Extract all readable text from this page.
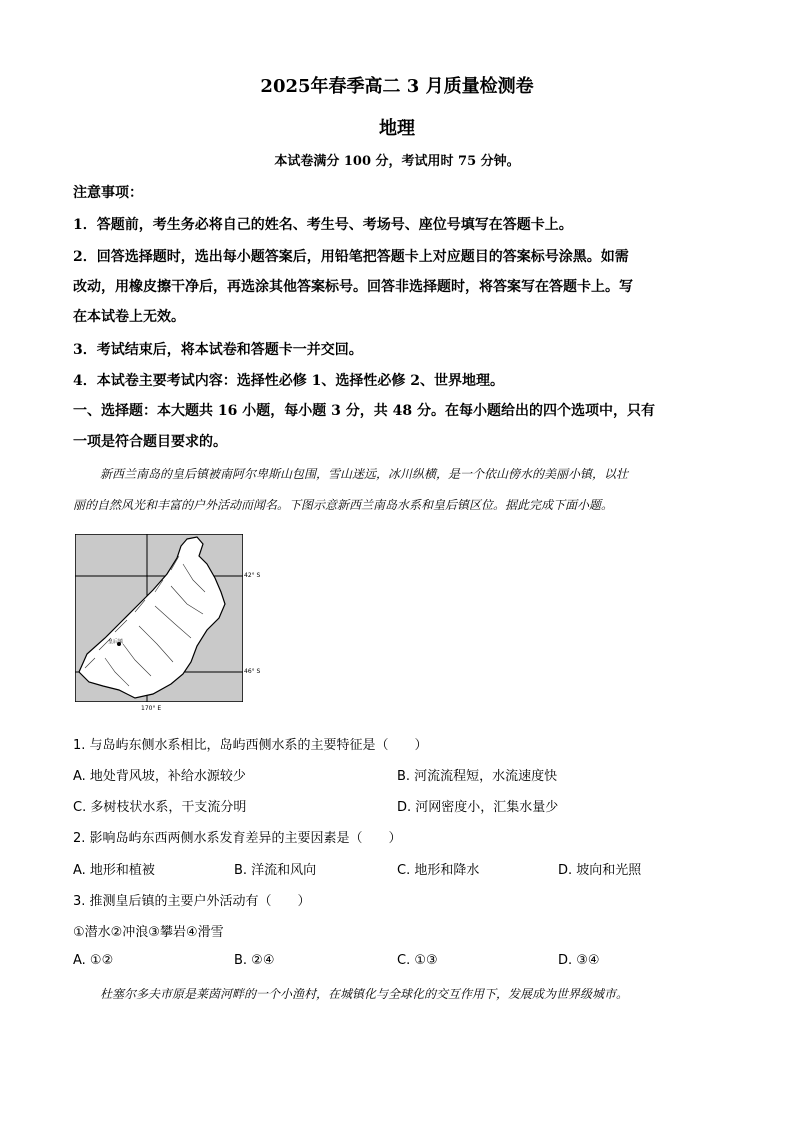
2025年春季高二 3 月质量检测卷
地理
本试卷满分 100 分，考试用时 75 分钟。
注意事项：
1．答题前，考生务必将自己的姓名、考生号、考场号、座位号填写在答题卡上。
2．回答选择题时，选出每小题答案后，用铅笔把答题卡上对应题目的答案标号涂黑。如需
改动，用橡皮擦干净后，再选涂其他答案标号。回答非选择题时，将答案写在答题卡上。写
在本试卷上无效。
3．考试结束后，将本试卷和答题卡一并交回。
4．本试卷主要考试内容：选择性必修 1、选择性必修 2、世界地理。
一、选择题：本大题共 16 小题，每小题 3 分，共 48 分。在每小题给出的四个选项中，只有
一项是符合题目要求的。
新西兰南岛的皇后镇被南阿尔卑斯山包围，雪山迷远，冰川纵横，是一个依山傍水的美丽小镇，以壮
丽的自然风光和丰富的户外活动而闻名。下图示意新西兰南岛水系和皇后镇区位。据此完成下面小题。
42° S
46° S
170° E
皇后镇
1. 与岛屿东侧水系相比，岛屿西侧水系的主要特征是（　　）
A. 地处背风坡，补给水源较少	B. 河流流程短，水流速度快
C. 多树枝状水系，干支流分明	D. 河网密度小，汇集水量少
2. 影响岛屿东西两侧水系发育差异的主要因素是（　　）
A. 地形和植被	B. 洋流和风向	C. 地形和降水	D. 坡向和光照
3. 推测皇后镇的主要户外活动有（　　）
①潜水②冲浪③攀岩④滑雪
A. ①②	B. ②④	C. ①③	D. ③④
杜塞尔多夫市原是莱茵河畔的一个小渔村，在城镇化与全球化的交互作用下，发展成为世界级城市。
